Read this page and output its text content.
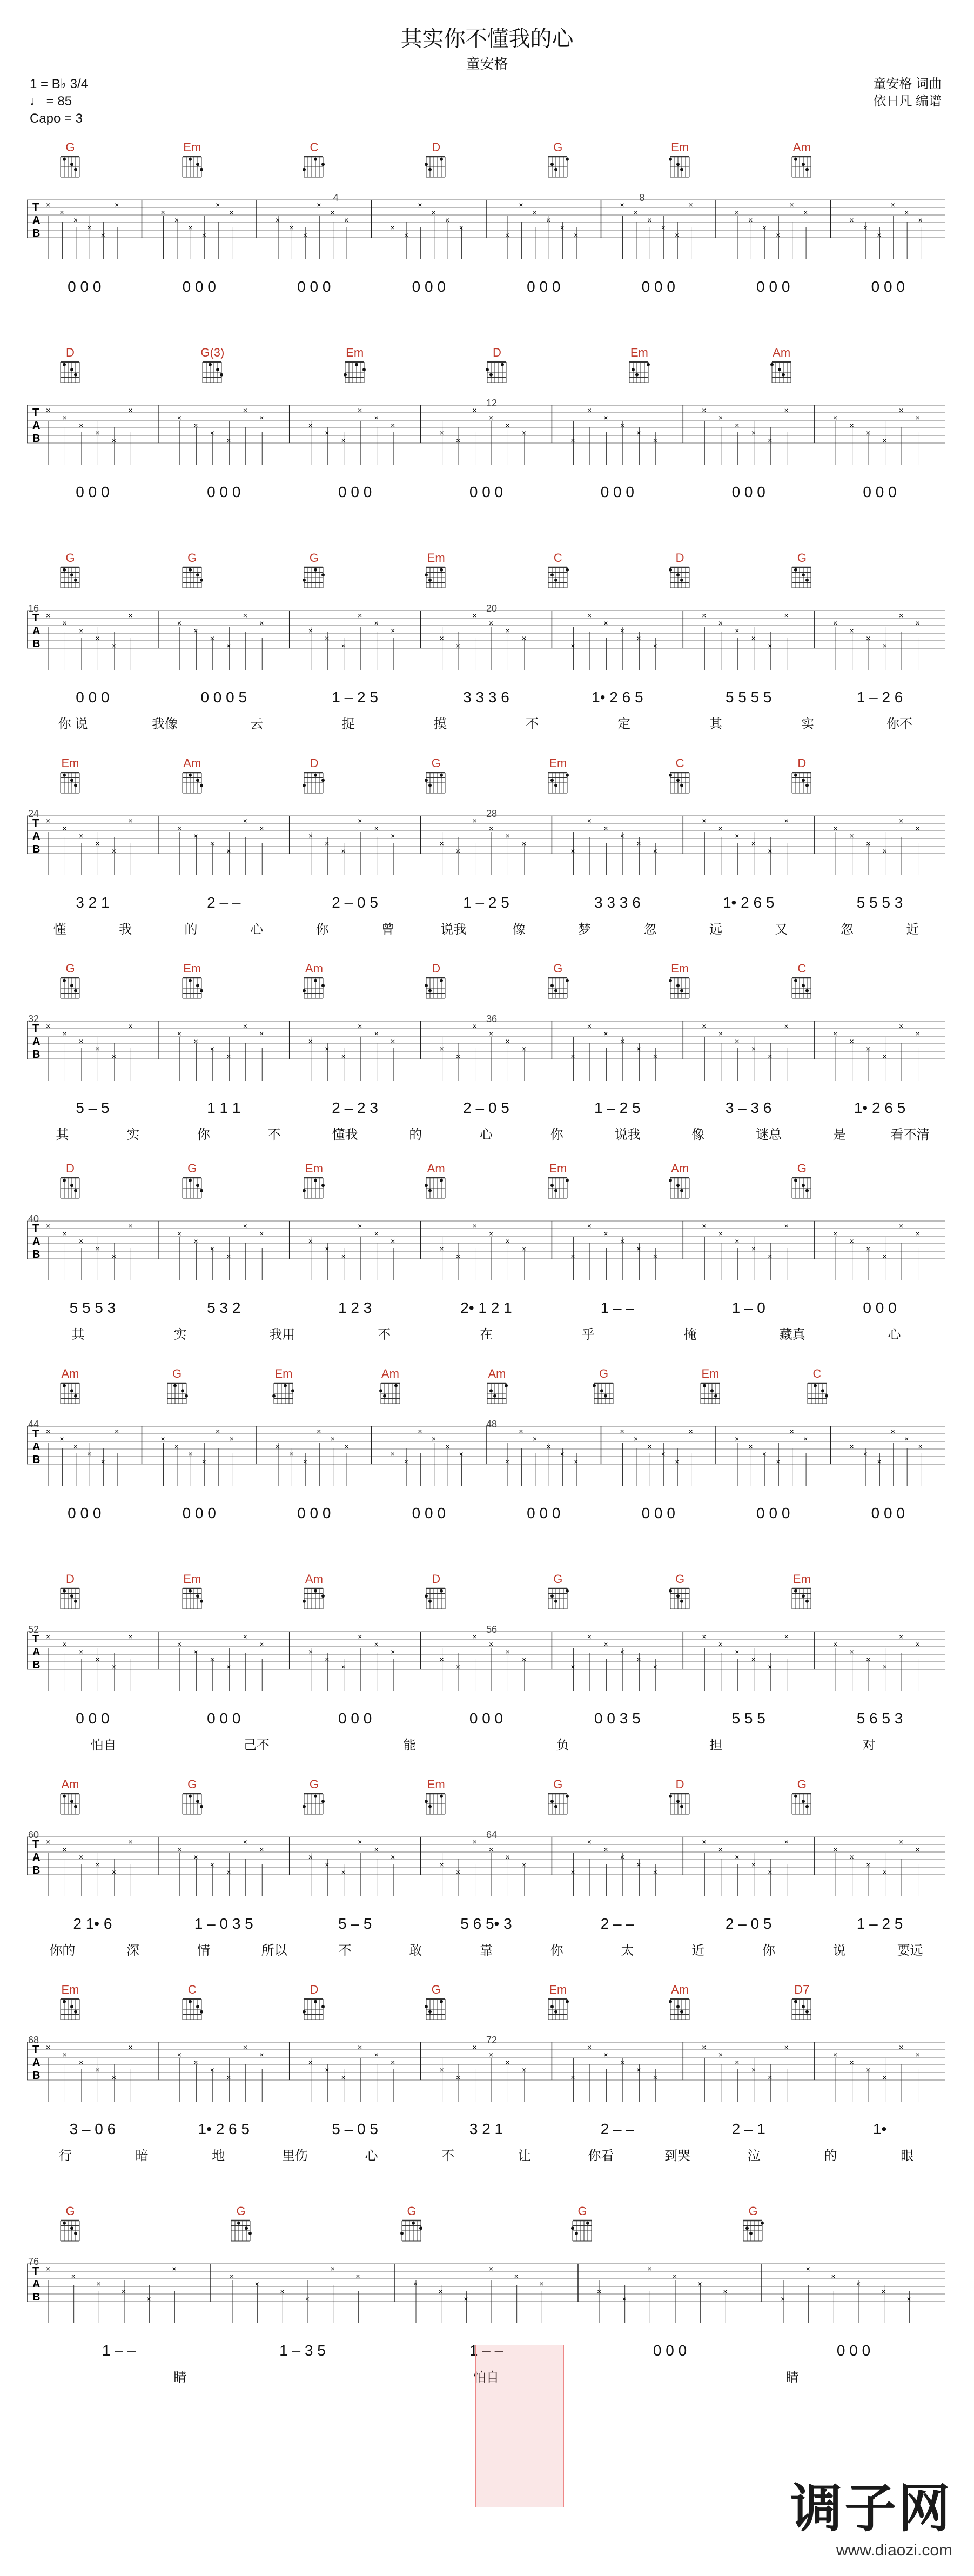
其实你不懂我的心
童安格
1 = B♭ 3/4
♩ = 85
Capo = 3
童安格 词曲
依日凡 编谱
G	Em	C	D	G	Em	Am
T
A
B
×
×
×
×
×
×
×
×
×
×
×
×
×
×
×
×
×
×
×
×
×
×
×
×
×
×
×
×
×
×
×
×
×
×
×
×
×
×
×
×
×
×
×
×
×
×
×
×
4	8
0 0 0	0 0 0	0 0 0	0 0 0	0 0 0	0 0 0	0 0 0	0 0 0
D	G(3)	Em	D	Em	Am
T
A
B
×
×
×
×
×
×
×
×
×
×
×
×
×
×
×
×
×
×
×
×
×
×
×
×
×
×
×
×
×
×
×
×
×
×
×
×
×
×
×
×
×
×
12
0 0 0	0 0 0	0 0 0	0 0 0	0 0 0	0 0 0	0 0 0
G	G	G	Em	C	D	G
T
A
B
×
×
×
×
×
×
×
×
×
×
×
×
×
×
×
×
×
×
×
×
×
×
×
×
×
×
×
×
×
×
×
×
×
×
×
×
×
×
×
×
×
×
16	20
0 0 0	0 0 0 5	1 – 2 5	3 3 3 6	1• 2 6 5	5 5 5 5	1 – 2 6
你 说	我像	云	捉	摸	不	定	其	实	你不
Em	Am	D	G	Em	C	D
T
A
B
×
×
×
×
×
×
×
×
×
×
×
×
×
×
×
×
×
×
×
×
×
×
×
×
×
×
×
×
×
×
×
×
×
×
×
×
×
×
×
×
×
×
24	28
3 2 1	2 – –	2 – 0 5	1 – 2 5	3 3 3 6	1• 2 6 5	5 5 5 3
懂	我	的	心	你	曾	说我	像	梦	忽	远	又	忽	近
G	Em	Am	D	G	Em	C
T
A
B
×
×
×
×
×
×
×
×
×
×
×
×
×
×
×
×
×
×
×
×
×
×
×
×
×
×
×
×
×
×
×
×
×
×
×
×
×
×
×
×
×
×
32	36
5 – 5	1 1 1	2 – 2 3	2 – 0 5	1 – 2 5	3 – 3 6	1• 2 6 5
其	实	你	不	懂我	的	心	你	说我	像	谜总	是	看不清
D	G	Em	Am	Em	Am	G
T
A
B
×
×
×
×
×
×
×
×
×
×
×
×
×
×
×
×
×
×
×
×
×
×
×
×
×
×
×
×
×
×
×
×
×
×
×
×
×
×
×
×
×
×
40
5 5 5 3	5 3 2	1 2 3	2• 1 2 1	1 – –	1 – 0	0 0 0
其	实	我用	不	在	乎	掩	藏真	心
Am	G	Em	Am	Am	G	Em	C
T
A
B
×
×
×
×
×
×
×
×
×
×
×
×
×
×
×
×
×
×
×
×
×
×
×
×
×
×
×
×
×
×
×
×
×
×
×
×
×
×
×
×
×
×
×
×
×
×
×
×
44	48
0 0 0	0 0 0	0 0 0	0 0 0	0 0 0	0 0 0	0 0 0	0 0 0
D	Em	Am	D	G	G	Em
T
A
B
×
×
×
×
×
×
×
×
×
×
×
×
×
×
×
×
×
×
×
×
×
×
×
×
×
×
×
×
×
×
×
×
×
×
×
×
×
×
×
×
×
×
52	56
0 0 0	0 0 0	0 0 0	0 0 0	0 0 3 5	5 5 5	5 6 5 3
怕自	己不	能	负	担	对
Am	G	G	Em	G	D	G
T
A
B
×
×
×
×
×
×
×
×
×
×
×
×
×
×
×
×
×
×
×
×
×
×
×
×
×
×
×
×
×
×
×
×
×
×
×
×
×
×
×
×
×
×
60	64
2 1• 6	1 – 0 3 5	5 – 5	5 6 5• 3	2 – –	2 – 0 5	1 – 2 5
你的	深	情	所以	不	敢	靠	你	太	近	你	说	要远
Em	C	D	G	Em	Am	D7
T
A
B
×
×
×
×
×
×
×
×
×
×
×
×
×
×
×
×
×
×
×
×
×
×
×
×
×
×
×
×
×
×
×
×
×
×
×
×
×
×
×
×
×
×
68	72
3 – 0 6	1• 2 6 5	5 – 0 5	3 2 1	2 – –	2 – 1	1•
行	暗	地	里伤	心	不	让	你看	到哭	泣	的	眼
G	G	G	G	G
T
A
B
×
×
×
×
×
×
×
×
×
×
×
×
×
×
×
×
×
×
×
×
×
×
×
×
×
×
×
×
×
×
76
1 – –	1 – 3 5	1 – –	0 0 0	0 0 0
睛	怕自	睛
调子网
www.diaozi.com
